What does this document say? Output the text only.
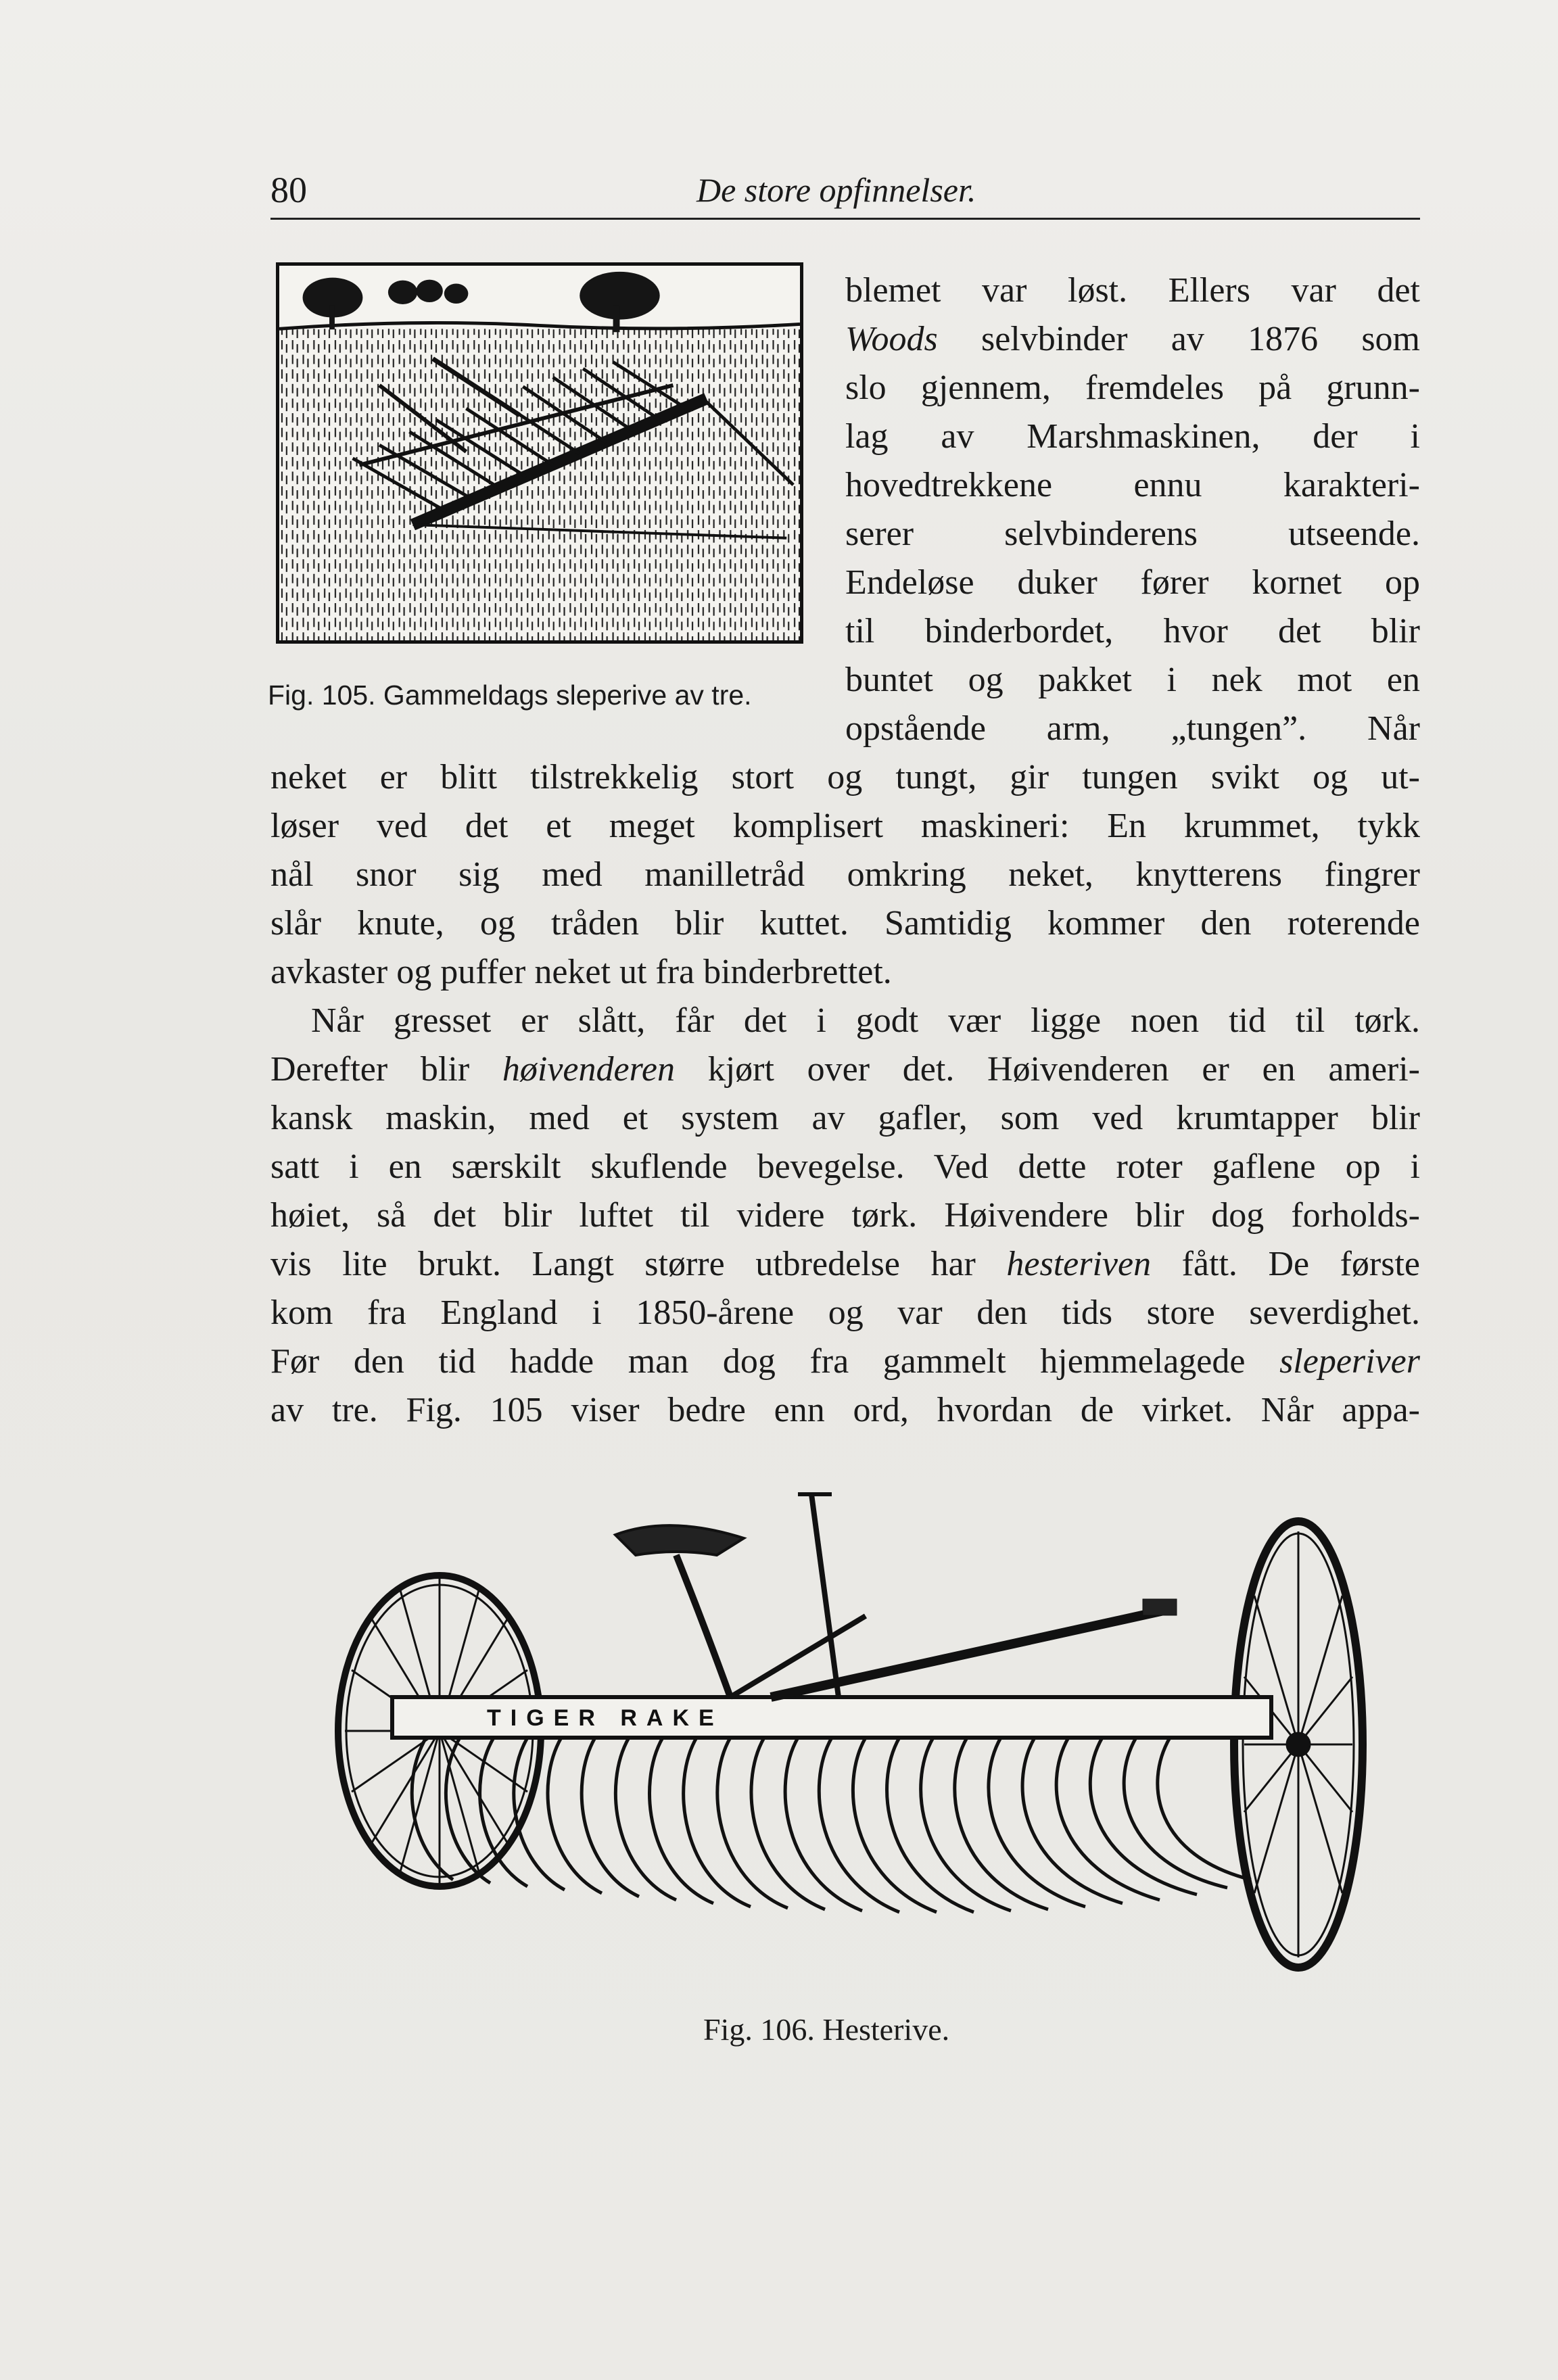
80	De store opfinnelser.
Fig. 105. Gammeldags sleperive av tre.
blemet var løst. Ellers var det
Woods selvbinder av 1876 som
slo gjennem, fremdeles på grunn-
lag av Marshmaskinen, der i
hovedtrekkene ennu karakteri-
serer selvbinderens utseende.
Endeløse duker fører kornet op
til binderbordet, hvor det blir
buntet og pakket i nek mot en
opstående arm, „tungen”. Når
neket er blitt tilstrekkelig stort og tungt, gir tungen svikt og ut-
løser ved det et meget komplisert maskineri: En krummet, tykk
nål snor sig med manilletråd omkring neket, knytterens fingrer
slår knute, og tråden blir kuttet. Samtidig kommer den roterende
avkaster og puffer neket ut fra binderbrettet.
Når gresset er slått, får det i godt vær ligge noen tid til tørk.
Derefter blir høivenderen kjørt over det. Høivenderen er en ameri-
kansk maskin, med et system av gafler, som ved krumtapper blir
satt i en særskilt skuflende bevegelse. Ved dette roter gaflene op i
høiet, så det blir luftet til videre tørk. Høivendere blir dog forholds-
vis lite brukt. Langt større utbredelse har hesteriven fått. De første
kom fra England i 1850-årene og var den tids store severdighet.
Før den tid hadde man dog fra gammelt hjemmelagede sleperiver
av tre. Fig. 105 viser bedre enn ord, hvordan de virket. Når appa-
TIGER RAKE
Fig. 106. Hesterive.
